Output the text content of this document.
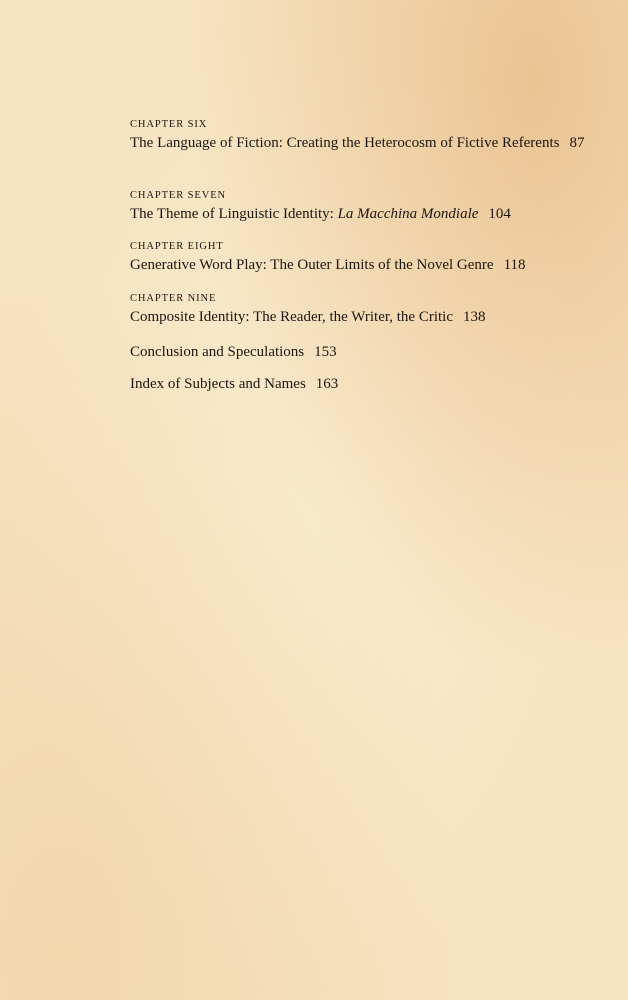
CHAPTER SIX
The Language of Fiction: Creating the Heterocosm of Fictive Referents 87
CHAPTER SEVEN
The Theme of Linguistic Identity: La Macchina Mondiale 104
CHAPTER EIGHT
Generative Word Play: The Outer Limits of the Novel Genre 118
CHAPTER NINE
Composite Identity: The Reader, the Writer, the Critic 138
Conclusion and Speculations 153
Index of Subjects and Names 163
